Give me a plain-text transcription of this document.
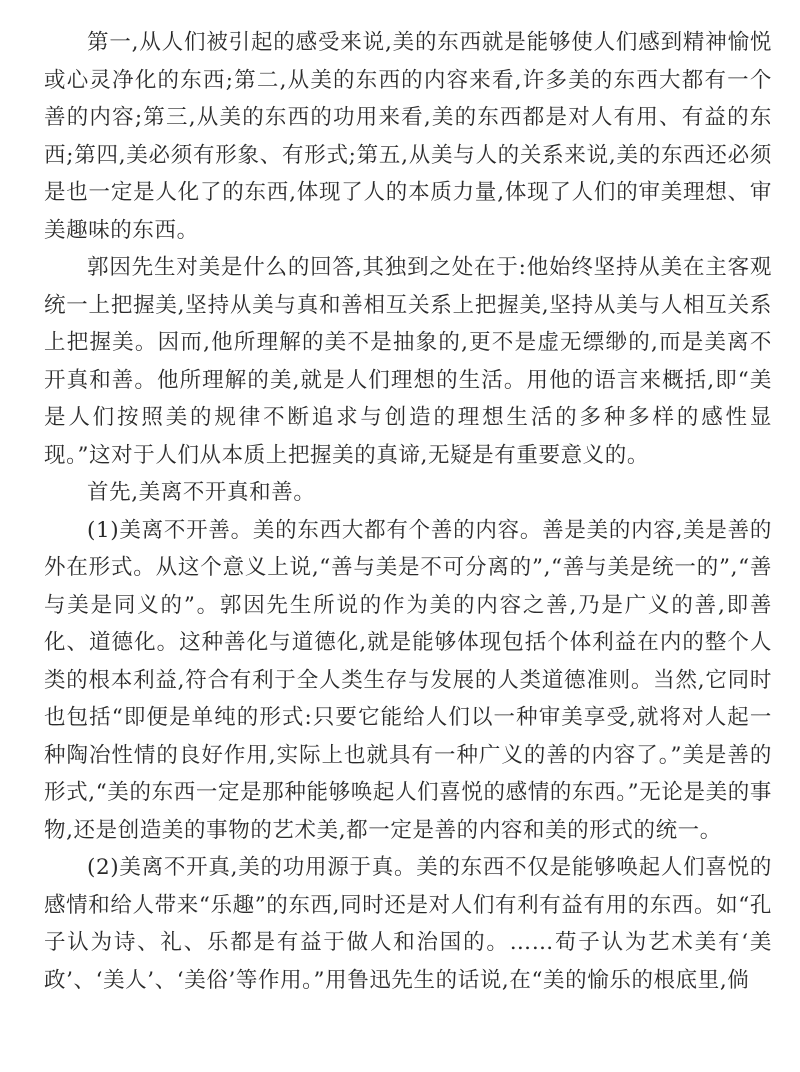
第一,从人们被引起的感受来说,美的东西就是能够使人们感到精神愉悦或心灵净化的东西;第二,从美的东西的内容来看,许多美的东西大都有一个善的内容;第三,从美的东西的功用来看,美的东西都是对人有用、有益的东西;第四,美必须有形象、有形式;第五,从美与人的关系来说,美的东西还必须是也一定是人化了的东西,体现了人的本质力量,体现了人们的审美理想、审美趣味的东西。

郭因先生对美是什么的回答,其独到之处在于:他始终坚持从美在主客观统一上把握美,坚持从美与真和善相互关系上把握美,坚持从美与人相互关系上把握美。因而,他所理解的美不是抽象的,更不是虚无缥缈的,而是美离不开真和善。他所理解的美,就是人们理想的生活。用他的语言来概括,即“美是人们按照美的规律不断追求与创造的理想生活的多种多样的感性显现。”这对于人们从本质上把握美的真谛,无疑是有重要意义的。

首先,美离不开真和善。

(1)美离不开善。美的东西大都有个善的内容。善是美的内容,美是善的外在形式。从这个意义上说,“善与美是不可分离的”,“善与美是统一的”,“善与美是同义的”。郭因先生所说的作为美的内容之善,乃是广义的善,即善化、道德化。这种善化与道德化,就是能够体现包括个体利益在内的整个人类的根本利益,符合有利于全人类生存与发展的人类道德准则。当然,它同时也包括“即便是单纯的形式:只要它能给人们以一种审美享受,就将对人起一种陶冶性情的良好作用,实际上也就具有一种广义的善的内容了。”美是善的形式,“美的东西一定是那种能够唤起人们喜悦的感情的东西。”无论是美的事物,还是创造美的事物的艺术美,都一定是善的内容和美的形式的统一。

(2)美离不开真,美的功用源于真。美的东西不仅是能够唤起人们喜悦的感情和给人带来“乐趣”的东西,同时还是对人们有利有益有用的东西。如“孔子认为诗、礼、乐都是有益于做人和治国的。……荀子认为艺术美有‘美政’、‘美人’、‘美俗’等作用。”用鲁迅先生的话说,在“美的愉乐的根底里,倘
